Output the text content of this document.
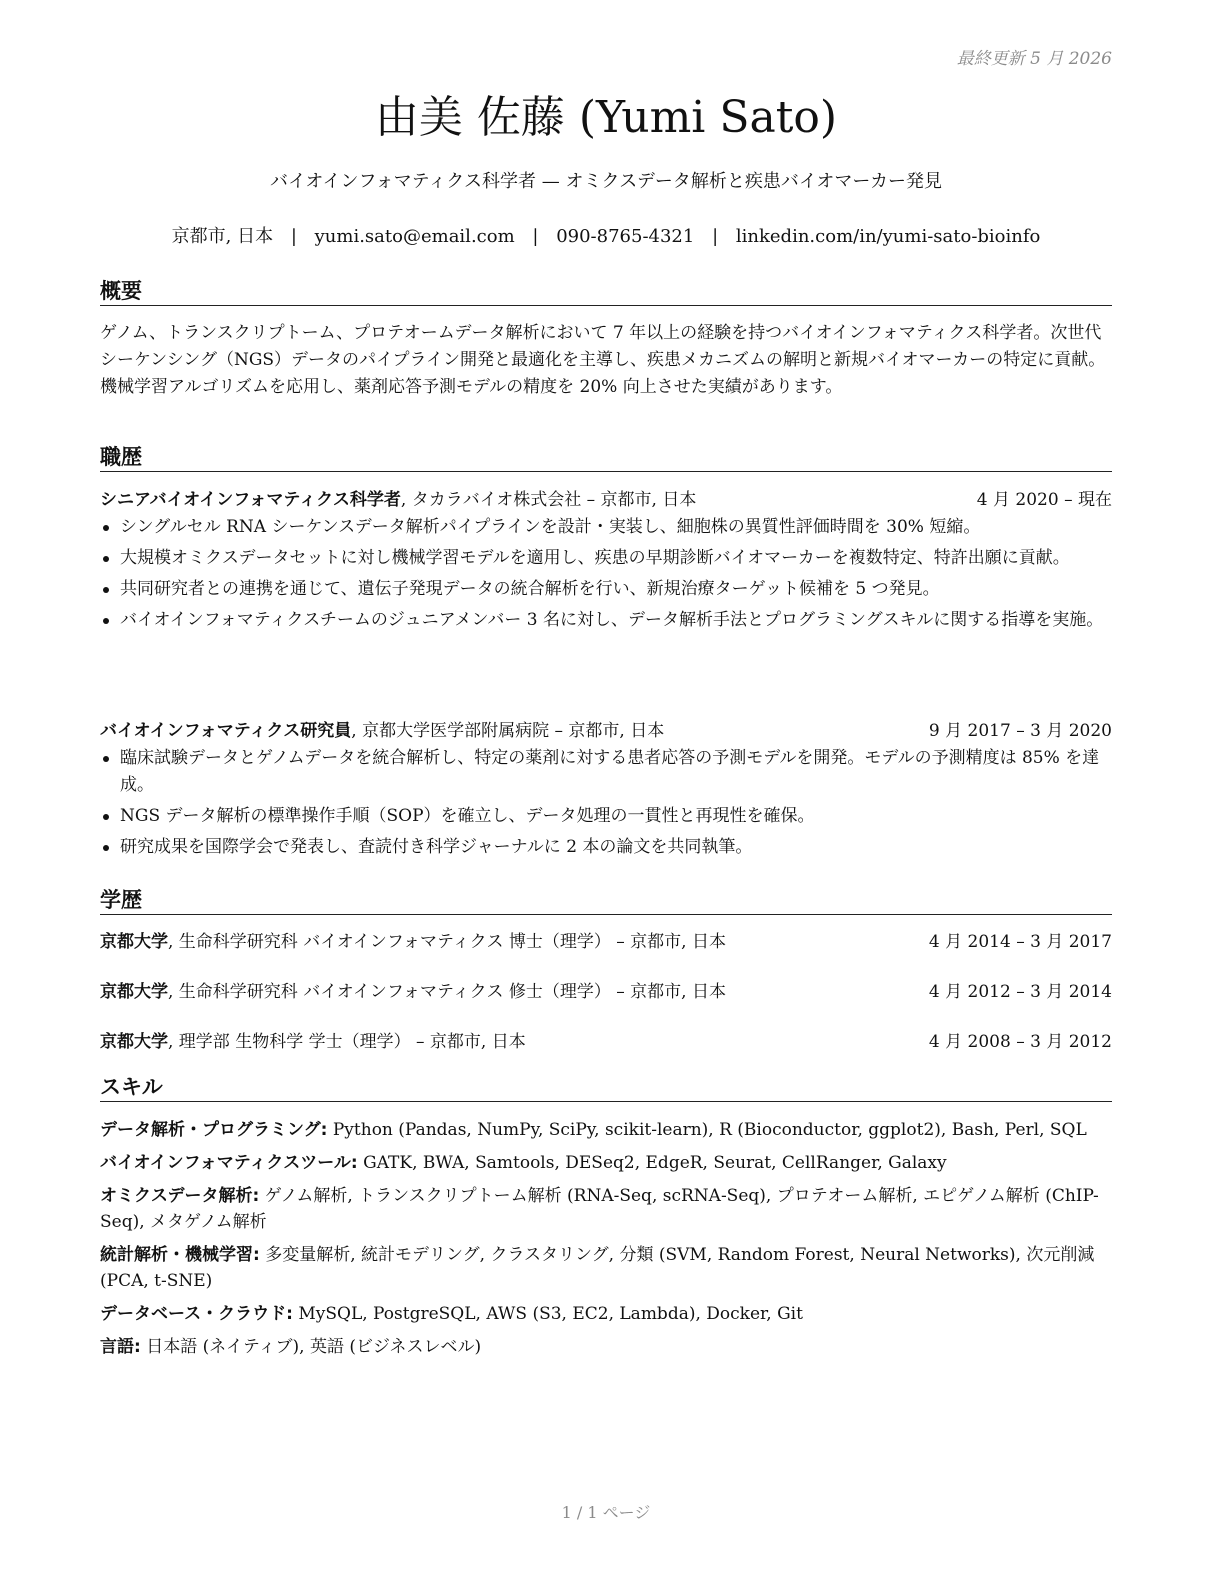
最終更新 5 月 2026
由美 佐藤 (Yumi Sato)
バイオインフォマティクス科学者 — オミクスデータ解析と疾患バイオマーカー発見
京都市, 日本 | yumi.sato@email.com | 090-8765-4321 | linkedin.com/in/yumi-sato-bioinfo
概要
ゲノム、トランスクリプトーム、プロテオームデータ解析において 7 年以上の経験を持つバイオインフォマティクス科学者。次世代シーケンシング（NGS）データのパイプライン開発と最適化を主導し、疾患メカニズムの解明と新規バイオマーカーの特定に貢献。機械学習アルゴリズムを応用し、薬剤応答予測モデルの精度を 20% 向上させた実績があります。
職歴
シニアバイオインフォマティクス科学者, タカラバイオ株式会社 – 京都市, 日本	4 月 2020 – 現在
シングルセル RNA シーケンスデータ解析パイプラインを設計・実装し、細胞株の異質性評価時間を 30% 短縮。
大規模オミクスデータセットに対し機械学習モデルを適用し、疾患の早期診断バイオマーカーを複数特定、特許出願に貢献。
共同研究者との連携を通じて、遺伝子発現データの統合解析を行い、新規治療ターゲット候補を 5 つ発見。
バイオインフォマティクスチームのジュニアメンバー 3 名に対し、データ解析手法とプログラミングスキルに関する指導を実施。
バイオインフォマティクス研究員, 京都大学医学部附属病院 – 京都市, 日本	9 月 2017 – 3 月 2020
臨床試験データとゲノムデータを統合解析し、特定の薬剤に対する患者応答の予測モデルを開発。モデルの予測精度は 85% を達成。
NGS データ解析の標準操作手順（SOP）を確立し、データ処理の一貫性と再現性を確保。
研究成果を国際学会で発表し、査読付き科学ジャーナルに 2 本の論文を共同執筆。
学歴
京都大学, 生命科学研究科 バイオインフォマティクス 博士（理学） – 京都市, 日本	4 月 2014 – 3 月 2017
京都大学, 生命科学研究科 バイオインフォマティクス 修士（理学） – 京都市, 日本	4 月 2012 – 3 月 2014
京都大学, 理学部 生物科学 学士（理学） – 京都市, 日本	4 月 2008 – 3 月 2012
スキル
データ解析・プログラミング: Python (Pandas, NumPy, SciPy, scikit-learn), R (Bioconductor, ggplot2), Bash, Perl, SQL
バイオインフォマティクスツール: GATK, BWA, Samtools, DESeq2, EdgeR, Seurat, CellRanger, Galaxy
オミクスデータ解析: ゲノム解析, トランスクリプトーム解析 (RNA-Seq, scRNA-Seq), プロテオーム解析, エピゲノム解析 (ChIP-Seq), メタゲノム解析
統計解析・機械学習: 多変量解析, 統計モデリング, クラスタリング, 分類 (SVM, Random Forest, Neural Networks), 次元削減 (PCA, t-SNE)
データベース・クラウド: MySQL, PostgreSQL, AWS (S3, EC2, Lambda), Docker, Git
言語: 日本語 (ネイティブ), 英語 (ビジネスレベル)
1 / 1 ページ
